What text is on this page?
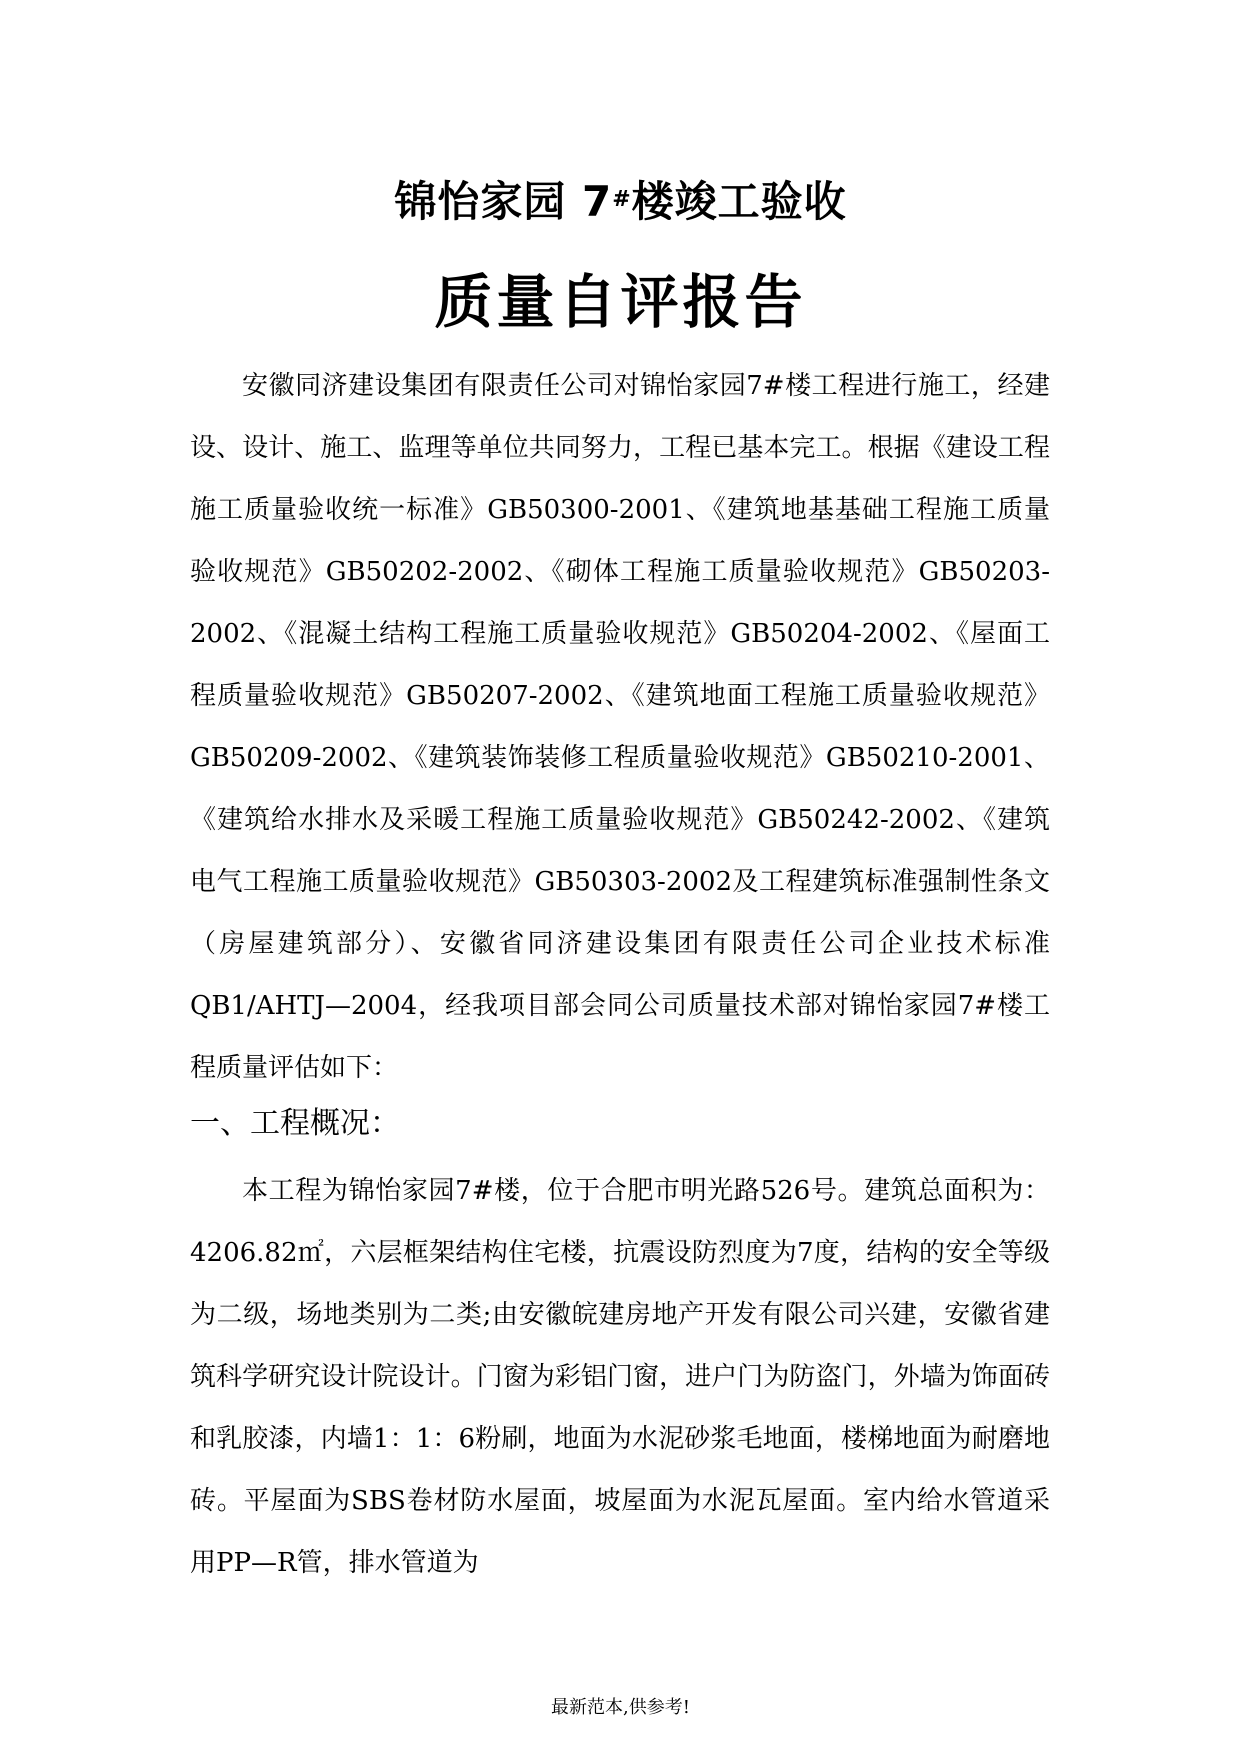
锦怡家园 7#楼竣工验收
质量自评报告

安徽同济建设集团有限责任公司对锦怡家园7#楼工程进行施工，经建设、设计、施工、监理等单位共同努力，工程已基本完工。根据《建设工程施工质量验收统一标准》GB50300-2001、《建筑地基基础工程施工质量验收规范》GB50202-2002、《砌体工程施工质量验收规范》GB50203-2002、《混凝土结构工程施工质量验收规范》GB50204-2002、《屋面工程质量验收规范》GB50207-2002、《建筑地面工程施工质量验收规范》GB50209-2002、《建筑装饰装修工程质量验收规范》GB50210-2001、《建筑给水排水及采暖工程施工质量验收规范》GB50242-2002、《建筑电气工程施工质量验收规范》GB50303-2002及工程建筑标准强制性条文（房屋建筑部分）、安徽省同济建设集团有限责任公司企业技术标准QB1/AHTJ—2004，经我项目部会同公司质量技术部对锦怡家园7#楼工程质量评估如下：

一、工程概况：

本工程为锦怡家园7#楼，位于合肥市明光路526号。建筑总面积为：4206.82㎡，六层框架结构住宅楼，抗震设防烈度为7度，结构的安全等级为二级，场地类别为二类;由安徽皖建房地产开发有限公司兴建，安徽省建筑科学研究设计院设计。门窗为彩铝门窗，进户门为防盗门，外墙为饰面砖和乳胶漆，内墙1：1：6粉刷，地面为水泥砂浆毛地面，楼梯地面为耐磨地砖。平屋面为SBS卷材防水屋面，坡屋面为水泥瓦屋面。室内给水管道采用PP—R管，排水管道为

最新范本,供参考!
